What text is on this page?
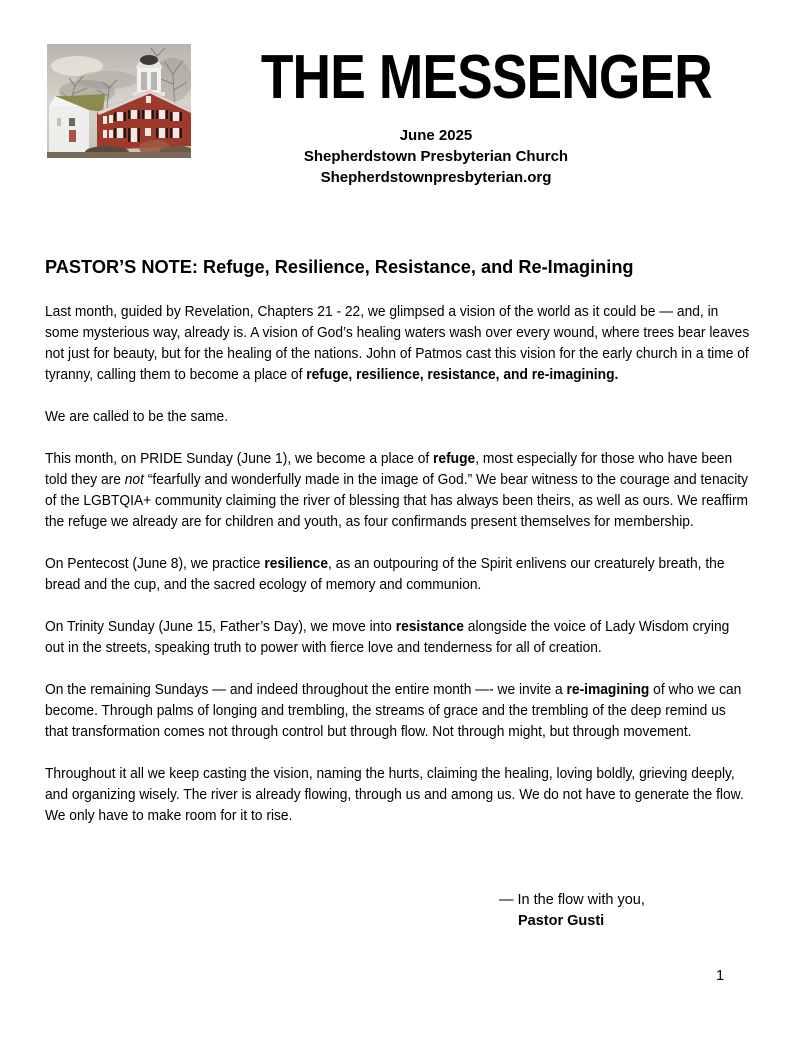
THE MESSENGER
June 2025
Shepherdstown Presbyterian Church
Shepherdstownpresbyterian.org
PASTOR’S NOTE: Refuge, Resilience, Resistance, and Re-Imagining

Last month, guided by Revelation, Chapters 21 - 22, we glimpsed a vision of the world as it could be — and, in some mysterious way, already is. A vision of God’s healing waters wash over every wound, where trees bear leaves not just for beauty, but for the healing of the nations. John of Patmos cast this vision for the early church in a time of tyranny, calling them to become a place of refuge, resilience, resistance, and re-imagining.

We are called to be the same.

This month, on PRIDE Sunday (June 1), we become a place of refuge, most especially for those who have been told they are not “fearfully and wonderfully made in the image of God.” We bear witness to the courage and tenacity of the LGBTQIA+ community claiming the river of blessing that has always been theirs, as well as ours. We reaffirm the refuge we already are for children and youth, as four confirmands present themselves for membership.

On Pentecost (June 8), we practice resilience, as an outpouring of the Spirit enlivens our creaturely breath, the bread and the cup, and the sacred ecology of memory and communion.

On Trinity Sunday (June 15, Father’s Day), we move into resistance alongside the voice of Lady Wisdom crying out in the streets, speaking truth to power with fierce love and tenderness for all of creation.

On the remaining Sundays — and indeed throughout the entire month —- we invite a re-imagining of who we can become. Through palms of longing and trembling, the streams of grace and the trembling of the deep remind us that transformation comes not through control but through flow. Not through might, but through movement.

Throughout it all we keep casting the vision, naming the hurts, claiming the healing, loving boldly, grieving deeply, and organizing wisely. The river is already flowing, through us and among us. We do not have to generate the flow. We only have to make room for it to rise.

— In the flow with you,
Pastor Gusti
1
